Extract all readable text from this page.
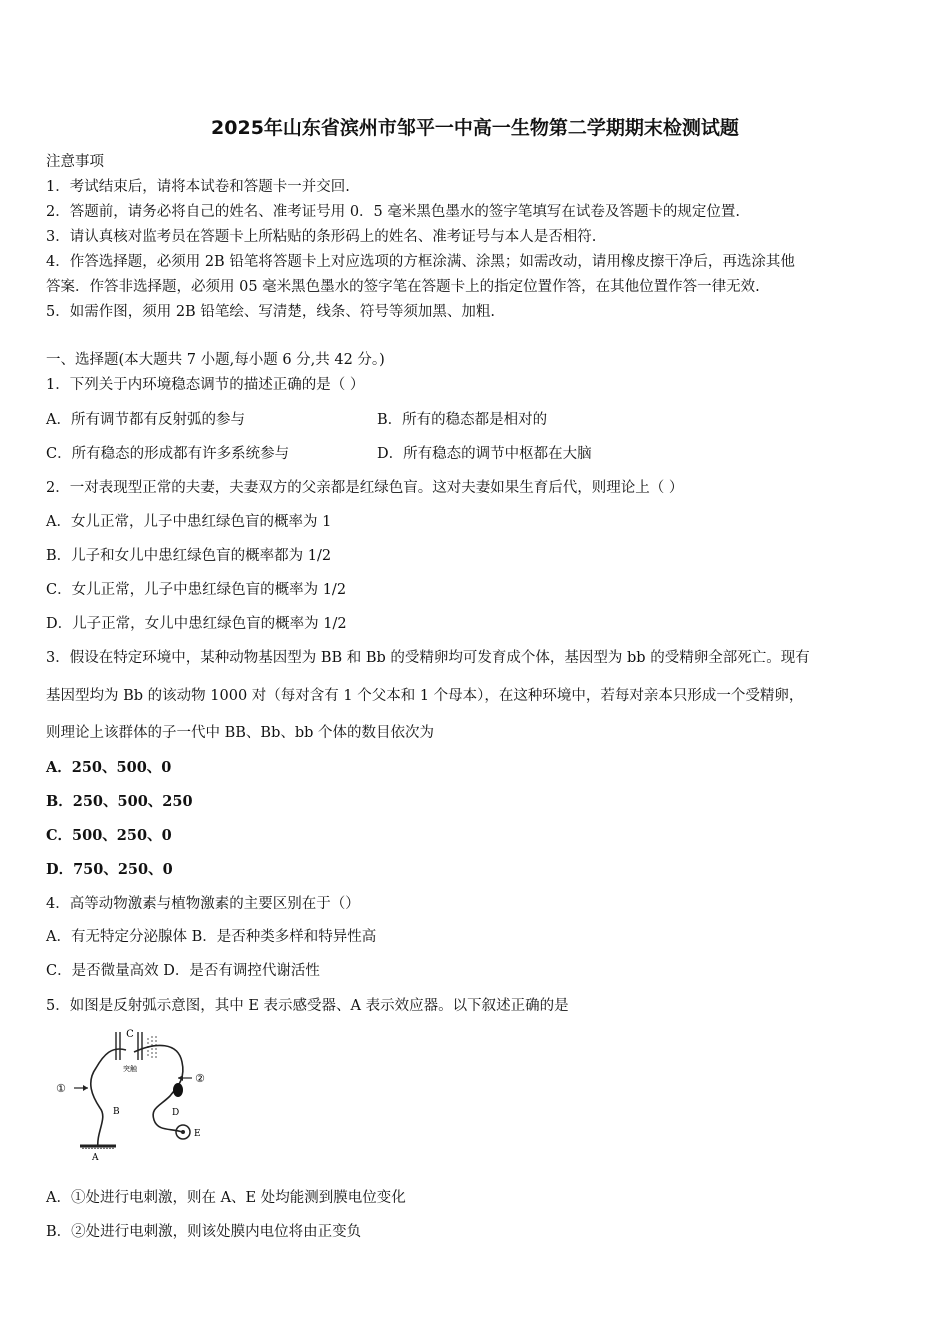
2025年山东省滨州市邹平一中高一生物第二学期期末检测试题
注意事项
1．考试结束后，请将本试卷和答题卡一并交回.
2．答题前，请务必将自己的姓名、准考证号用 0．5 毫米黑色墨水的签字笔填写在试卷及答题卡的规定位置.
3．请认真核对监考员在答题卡上所粘贴的条形码上的姓名、准考证号与本人是否相符.
4．作答选择题，必须用 2B 铅笔将答题卡上对应选项的方框涂满、涂黑；如需改动，请用橡皮擦干净后，再选涂其他
答案．作答非选择题，必须用 05 毫米黑色墨水的签字笔在答题卡上的指定位置作答，在其他位置作答一律无效.
5．如需作图，须用 2B 铅笔绘、写清楚，线条、符号等须加黑、加粗.
一、选择题(本大题共 7 小题,每小题 6 分,共 42 分。)
1．下列关于内环境稳态调节的描述正确的是（ ）
A．所有调节都有反射弧的参与	B．所有的稳态都是相对的
C．所有稳态的形成都有许多系统参与	D．所有稳态的调节中枢都在大脑
2．一对表现型正常的夫妻，夫妻双方的父亲都是红绿色盲。这对夫妻如果生育后代，则理论上（ ）
A．女儿正常，儿子中患红绿色盲的概率为 1
B．儿子和女儿中患红绿色盲的概率都为 1/2
C．女儿正常，儿子中患红绿色盲的概率为 1/2
D．儿子正常，女儿中患红绿色盲的概率为 1/2
3．假设在特定环境中，某种动物基因型为 BB 和 Bb 的受精卵均可发育成个体，基因型为 bb 的受精卵全部死亡。现有
基因型均为 Bb 的该动物 1000 对（每对含有 1 个父本和 1 个母本），在这种环境中，若每对亲本只形成一个受精卵，
则理论上该群体的子一代中 BB、Bb、bb 个体的数目依次为
A．250、500、0
B．250、500、250
C．500、250、0
D．750、250、0
4．高等动物激素与植物激素的主要区别在于（）
A．有无特定分泌腺体 B．是否种类多样和特异性高
C．是否微量高效 D．是否有调控代谢活性
5．如图是反射弧示意图，其中 E 表示感受器、A 表示效应器。以下叙述正确的是
C
突触
①
②
B	D
E
A
A．①处进行电刺激，则在 A、E 处均能测到膜电位变化
B．②处进行电刺激，则该处膜内电位将由正变负
